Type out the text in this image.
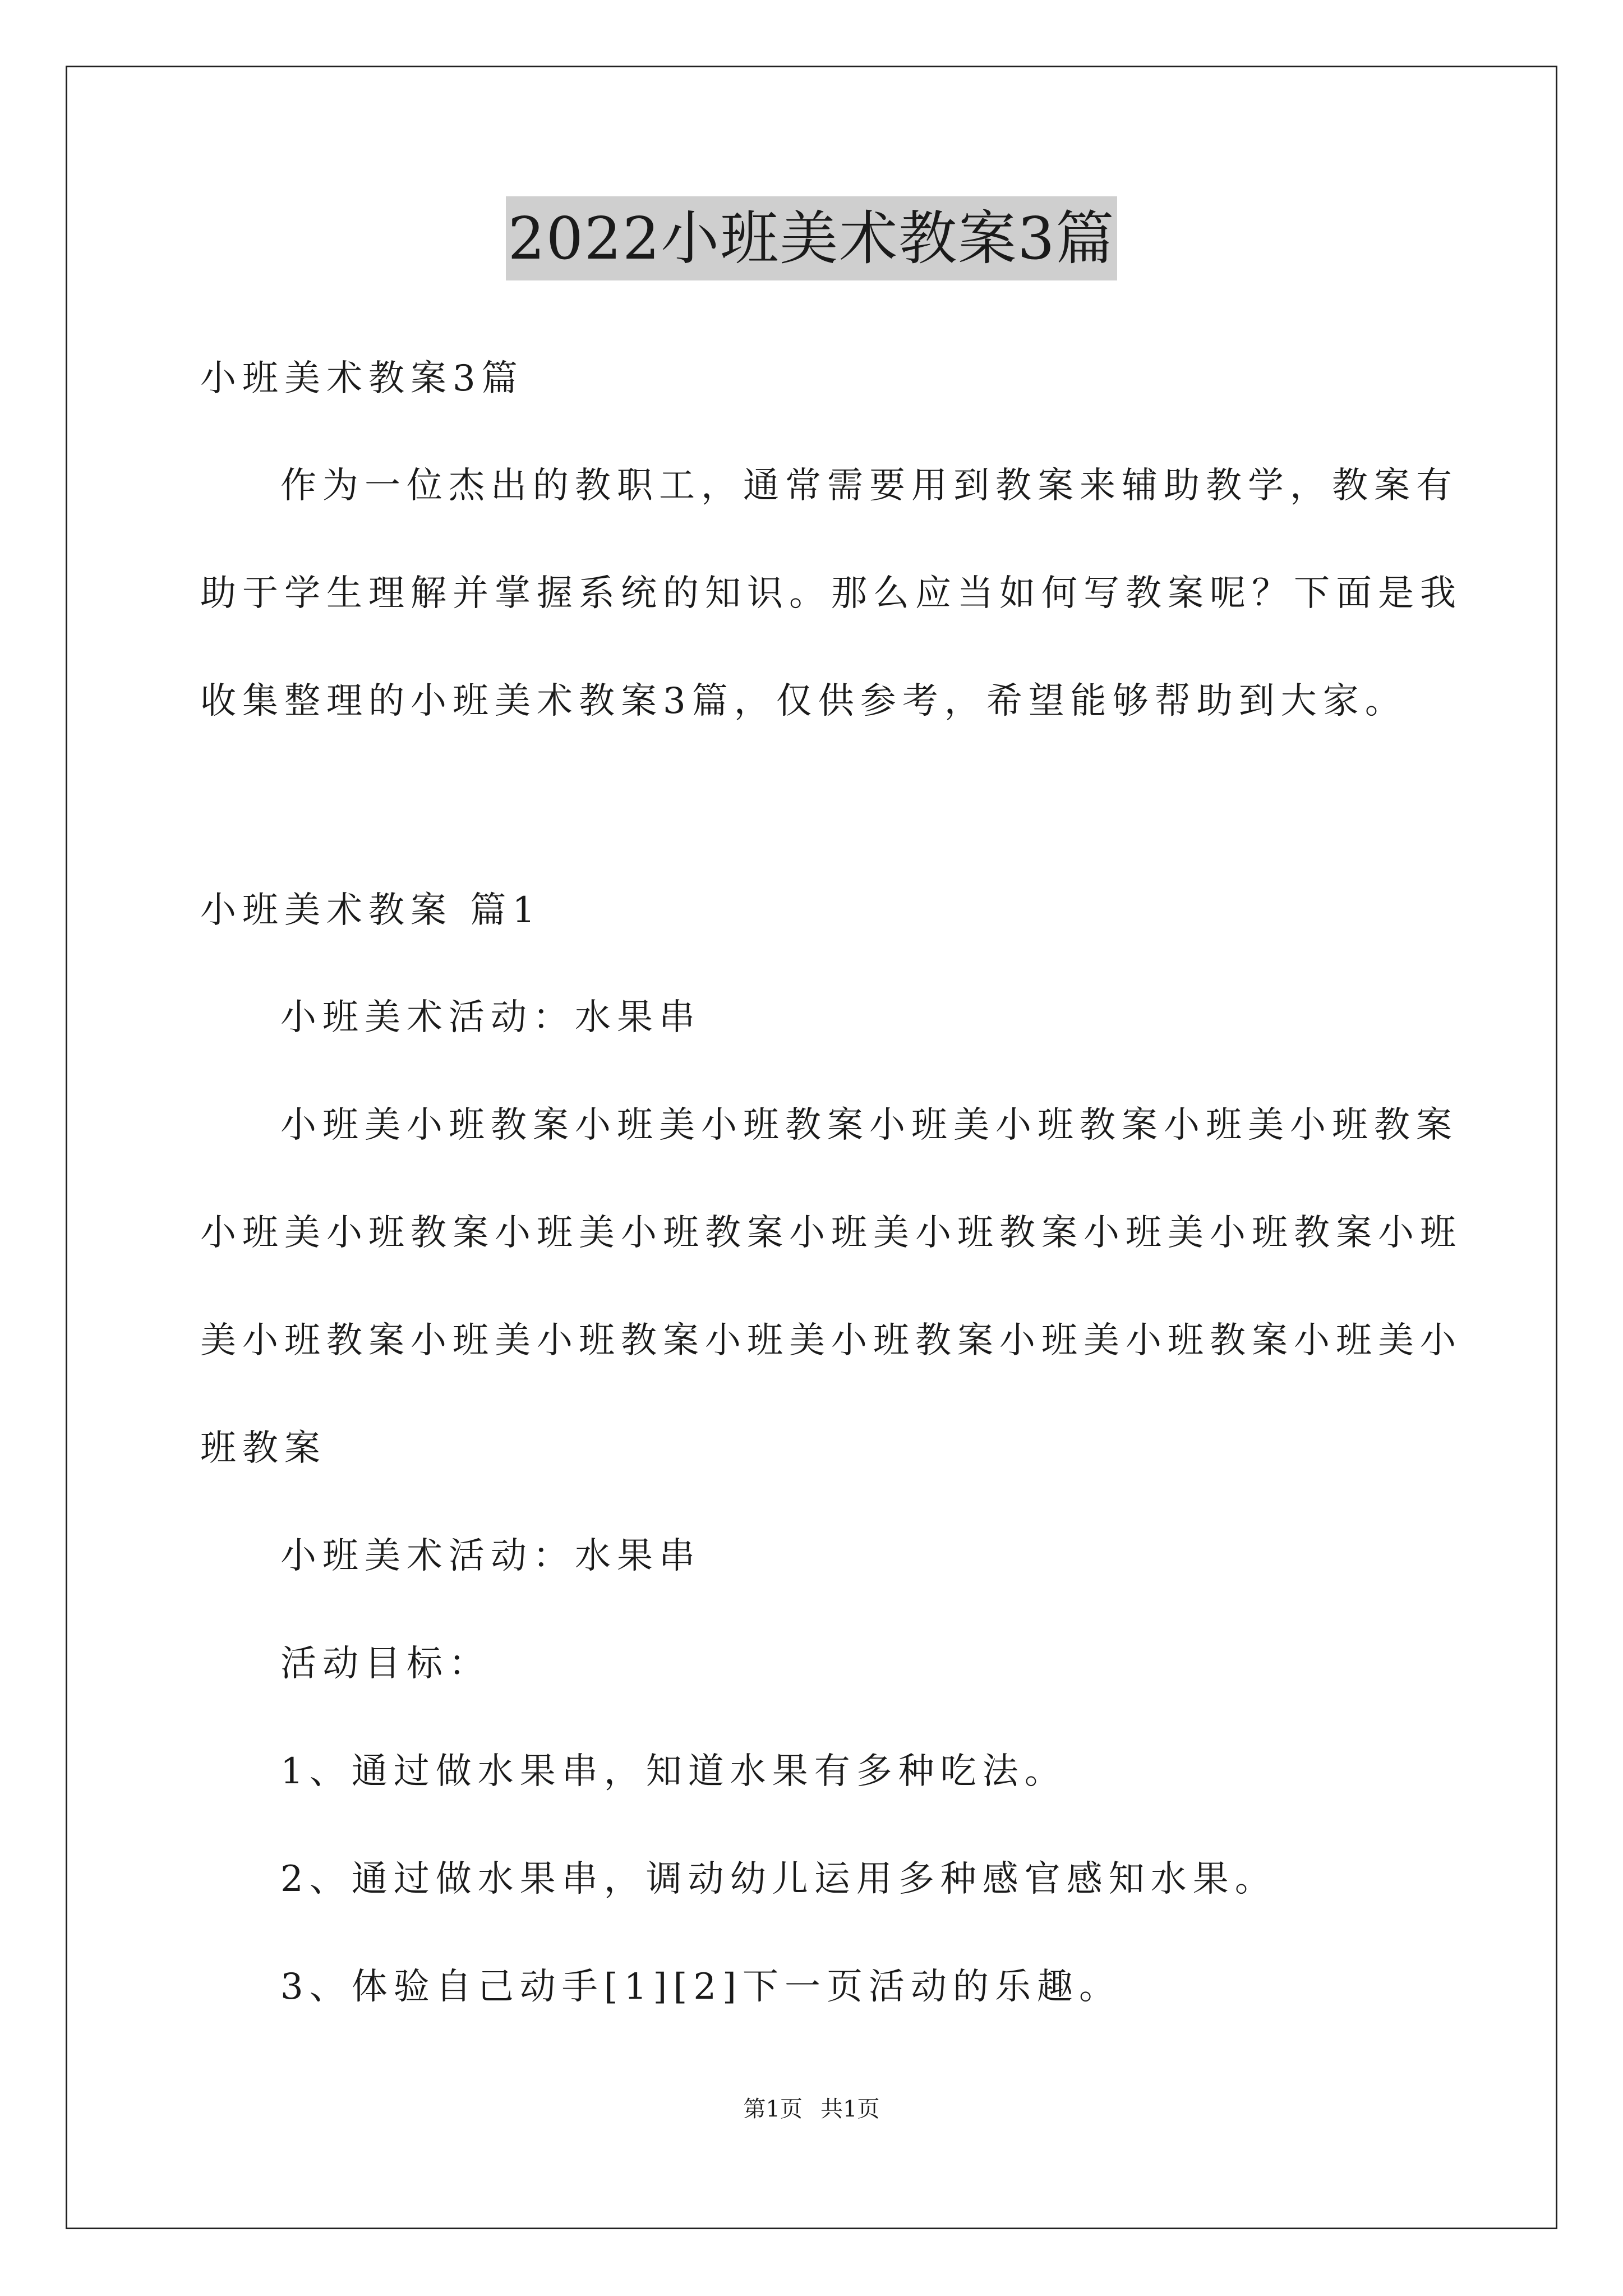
2022小班美术教案3篇
小班美术教案3篇
作为一位杰出的教职工，通常需要用到教案来辅助教学，教案有
助于学生理解并掌握系统的知识。那么应当如何写教案呢？下面是我
收集整理的小班美术教案3篇，仅供参考，希望能够帮助到大家。
小班美术教案 篇1
小班美术活动：水果串
小班美小班教案小班美小班教案小班美小班教案小班美小班教案
小班美小班教案小班美小班教案小班美小班教案小班美小班教案小班
美小班教案小班美小班教案小班美小班教案小班美小班教案小班美小
班教案
小班美术活动：水果串
活动目标：
1、通过做水果串，知道水果有多种吃法。
2、通过做水果串，调动幼儿运用多种感官感知水果。
3、体验自己动手[1][2]下一页活动的乐趣。
第1页 共1页
